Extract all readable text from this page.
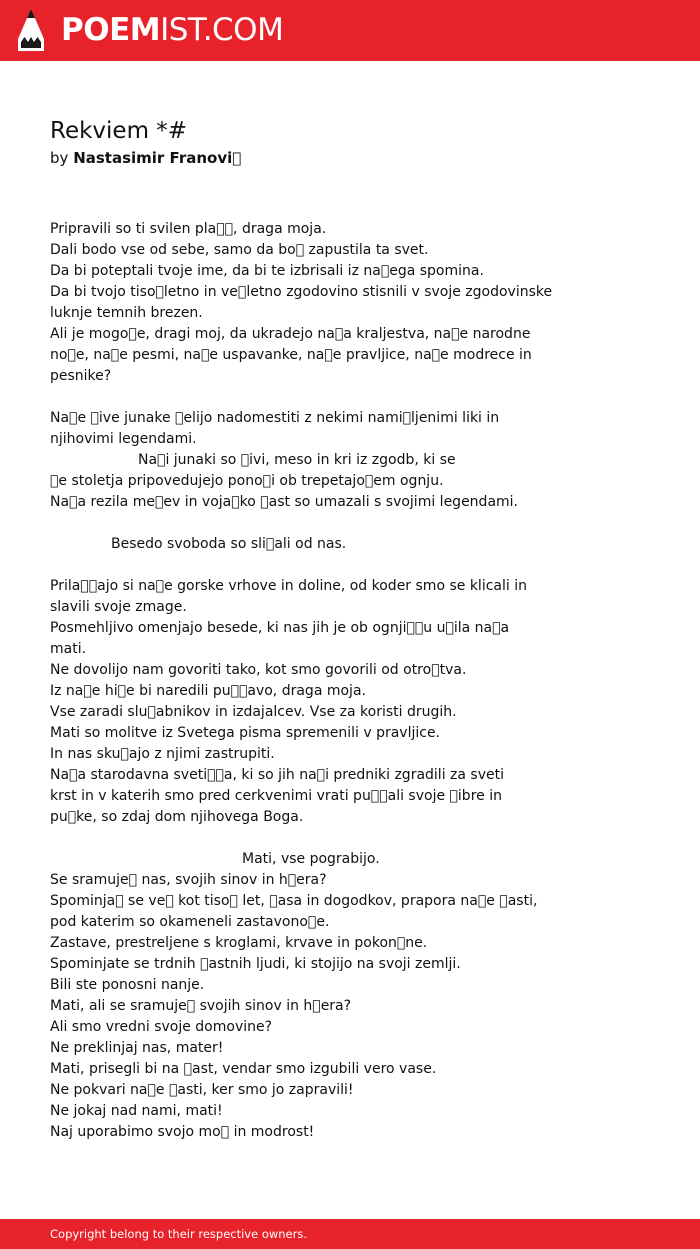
POEMIST.COM
Rekviem *#
by Nastasimir Franovi 
Pripravili so ti svilen pla  , draga moja.
Dali bodo vse od sebe, samo da bo  zapustila ta svet.
Da bi poteptali tvoje ime, da bi te izbrisali iz na ega spomina.
Da bi tvojo tiso letno in ve letno zgodovino stisnili v svoje zgodovinske
luknje temnih brezen.
Ali je mogo e, dragi moj, da ukradejo na a kraljestva, na e narodne
no e, na e pesmi, na e uspavanke, na e pravljice, na e modrece in
pesnike?
Na e  ive junake  elijo nadomestiti z nekimi nami ljenimi liki in
njihovimi legendami.
Na i junaki so  ivi, meso in kri iz zgodb, ki se
 e stoletja pripovedujejo pono i ob trepetajo em ognju.
Na a rezila me ev in voja ko  ast so umazali s svojimi legendami.
Besedo svoboda so sli ali od nas.
Prila  ajo si na e gorske vrhove in doline, od koder smo se klicali in
slavili svoje zmage.
Posmehljivo omenjajo besede, ki nas jih je ob ognji  u u ila na a
mati.
Ne dovolijo nam govoriti tako, kot smo govorili od otro tva.
Iz na e hi e bi naredili pu  avo, draga moja.
Vse zaradi slu abnikov in izdajalcev. Vse za koristi drugih.
Mati so molitve iz Svetega pisma spremenili v pravljice.
In nas sku ajo z njimi zastrupiti.
Na a starodavna sveti  a, ki so jih na i predniki zgradili za sveti
krst in v katerih smo pred cerkvenimi vrati pu  ali svoje  ibre in
pu ke, so zdaj dom njihovega Boga.
Mati, vse pograbijo.
Se sramuje  nas, svojih sinov in h era?
Spominja  se ve  kot tiso  let,  asa in dogodkov, prapora na e  asti,
pod katerim so okameneli zastavono e.
Zastave, prestreljene s kroglami, krvave in pokon ne.
Spominjate se trdnih  astnih ljudi, ki stojijo na svoji zemlji.
Bili ste ponosni nanje.
Mati, ali se sramuje  svojih sinov in h era?
Ali smo vredni svoje domovine?
Ne preklinjaj nas, mater!
Mati, prisegli bi na  ast, vendar smo izgubili vero vase.
Ne pokvari na e  asti, ker smo jo zapravili!
Ne jokaj nad nami, mati!
Naj uporabimo svojo mo  in modrost!
Copyright belong to their respective owners.
